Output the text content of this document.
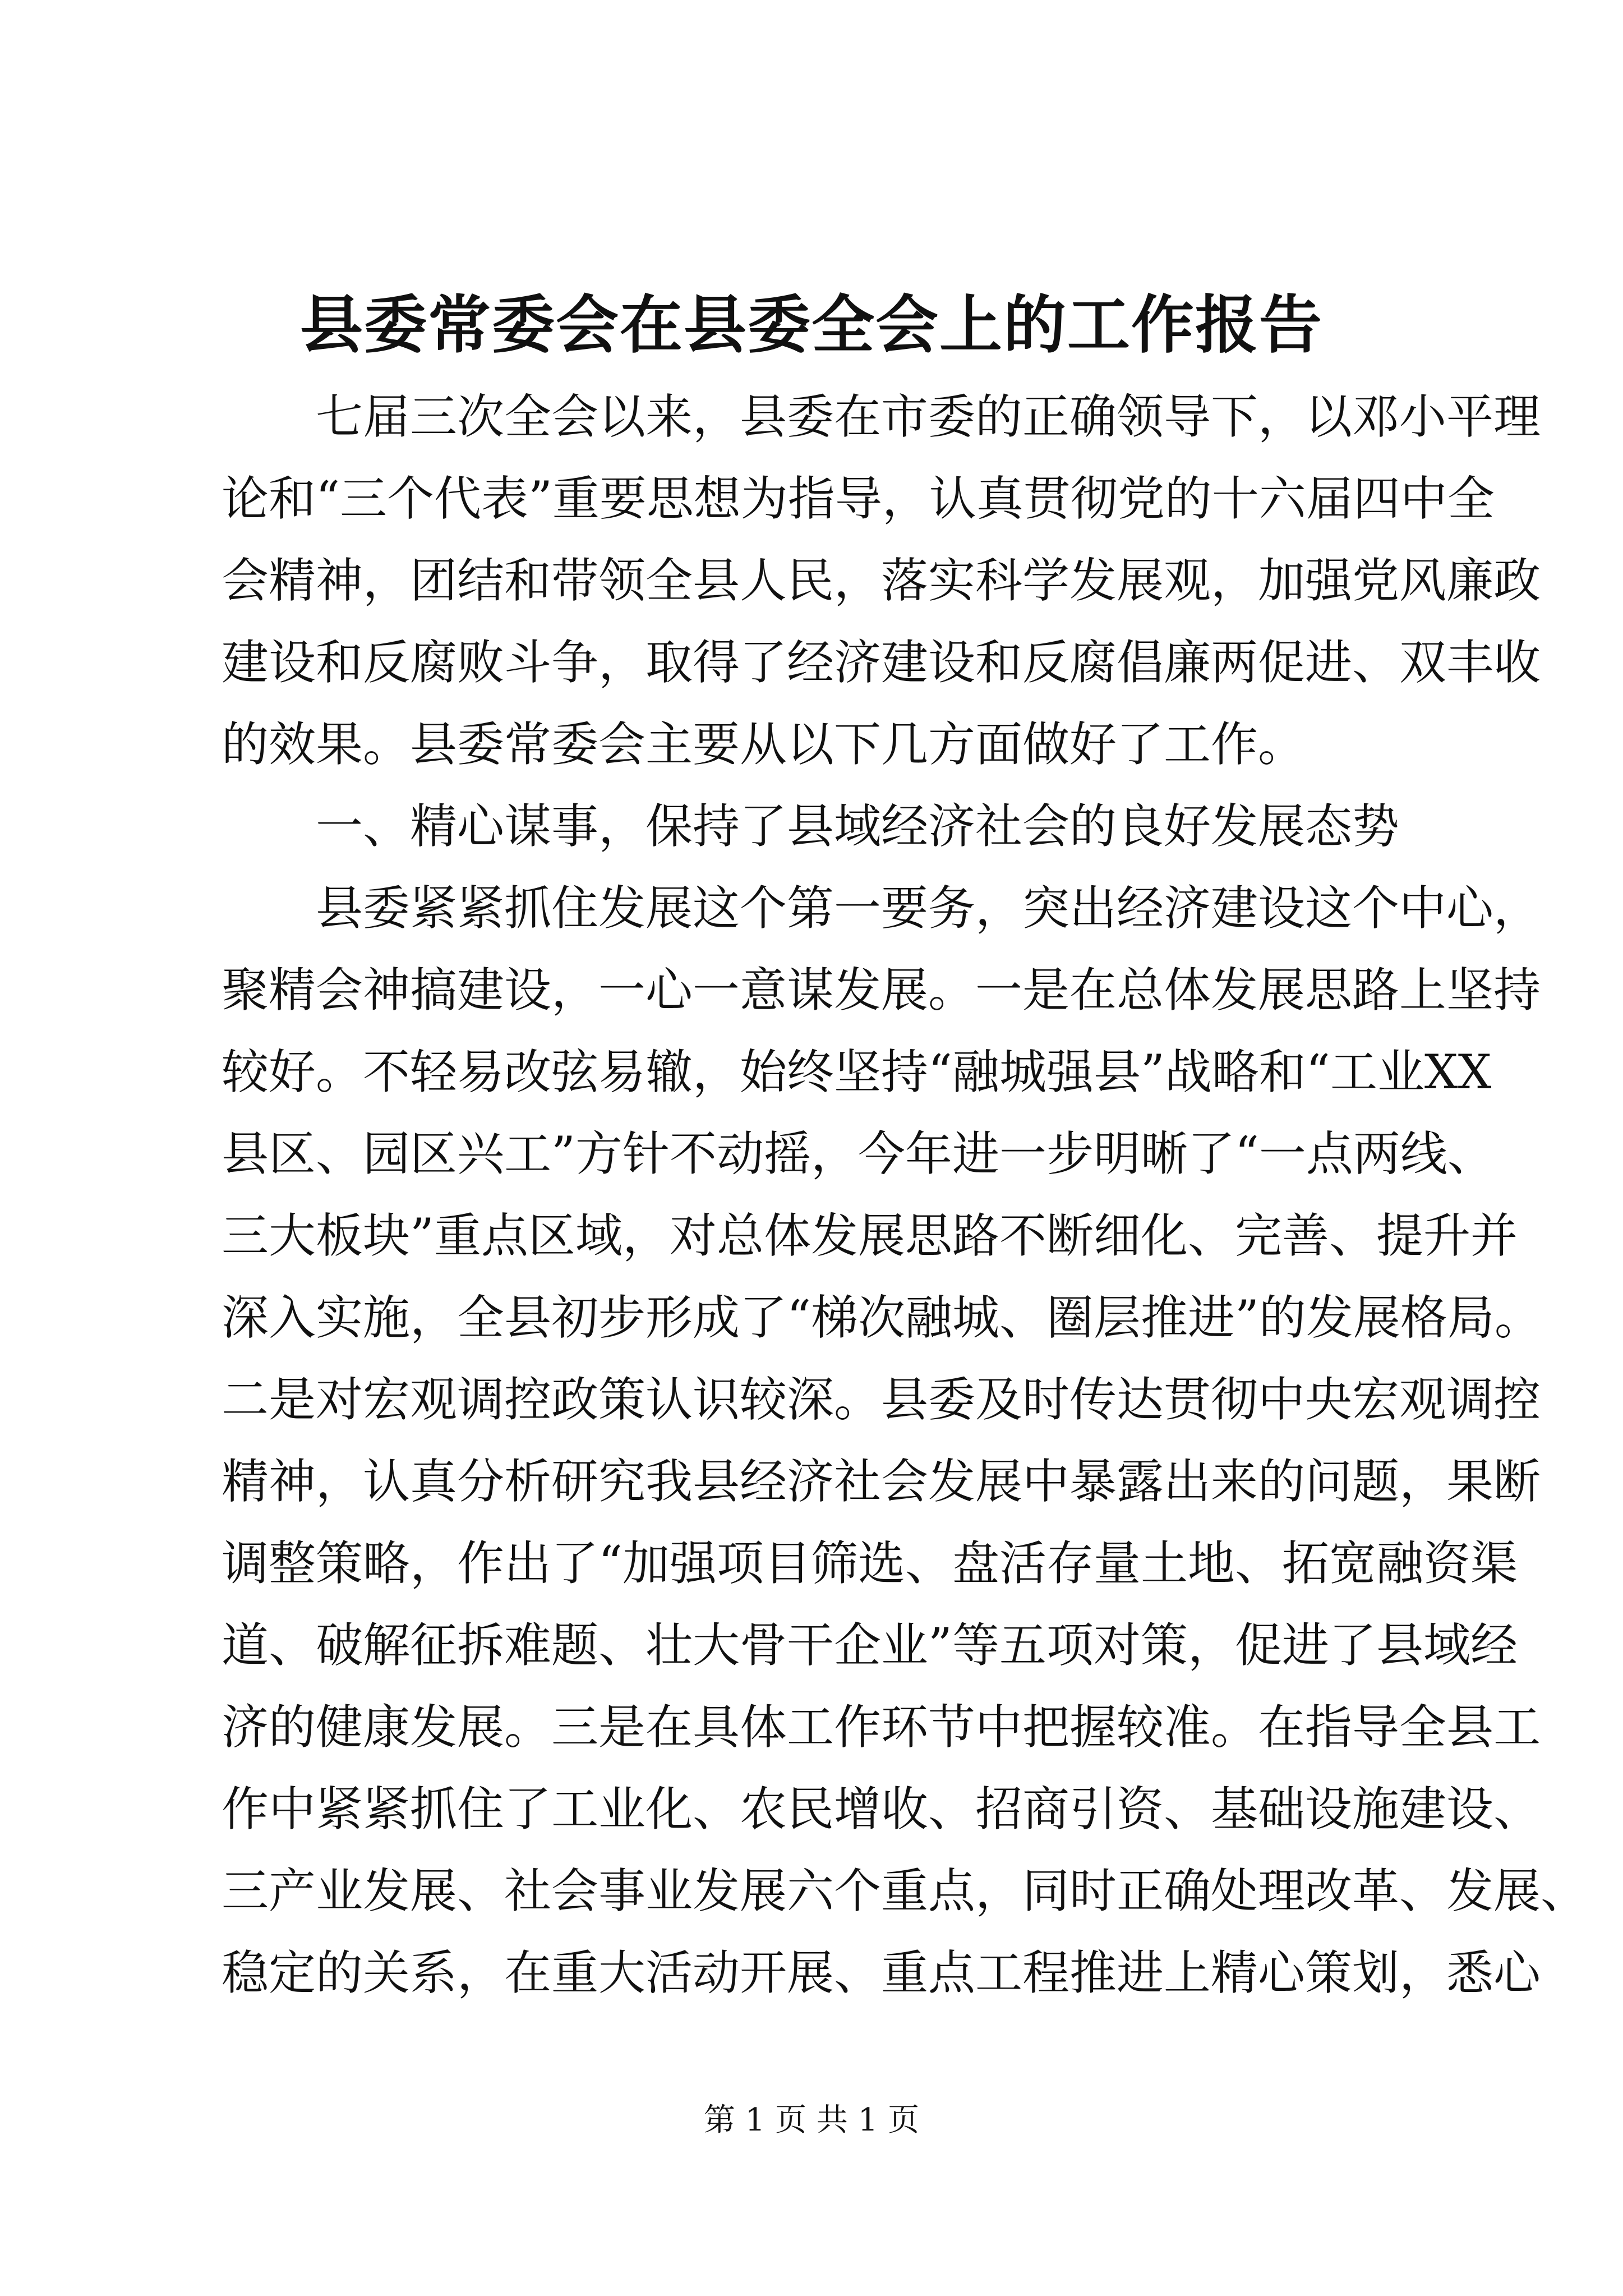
县委常委会在县委全会上的工作报告
七届三次全会以来，县委在市委的正确领导下，以邓小平理
论和“三个代表”重要思想为指导，认真贯彻党的十六届四中全
会精神，团结和带领全县人民，落实科学发展观，加强党风廉政
建设和反腐败斗争，取得了经济建设和反腐倡廉两促进、双丰收
的效果。县委常委会主要从以下几方面做好了工作。
一、精心谋事，保持了县域经济社会的良好发展态势
县委紧紧抓住发展这个第一要务，突出经济建设这个中心，
聚精会神搞建设，一心一意谋发展。一是在总体发展思路上坚持
较好。不轻易改弦易辙，始终坚持“融城强县”战略和“工业XX
县区、园区兴工”方针不动摇，今年进一步明晰了“一点两线、
三大板块”重点区域，对总体发展思路不断细化、完善、提升并
深入实施，全县初步形成了“梯次融城、圈层推进”的发展格局。
二是对宏观调控政策认识较深。县委及时传达贯彻中央宏观调控
精神，认真分析研究我县经济社会发展中暴露出来的问题，果断
调整策略，作出了“加强项目筛选、盘活存量土地、拓宽融资渠
道、破解征拆难题、壮大骨干企业”等五项对策，促进了县域经
济的健康发展。三是在具体工作环节中把握较准。在指导全县工
作中紧紧抓住了工业化、农民增收、招商引资、基础设施建设、
三产业发展、社会事业发展六个重点，同时正确处理改革、发展、
稳定的关系，在重大活动开展、重点工程推进上精心策划，悉心
第 1 页 共 1 页
